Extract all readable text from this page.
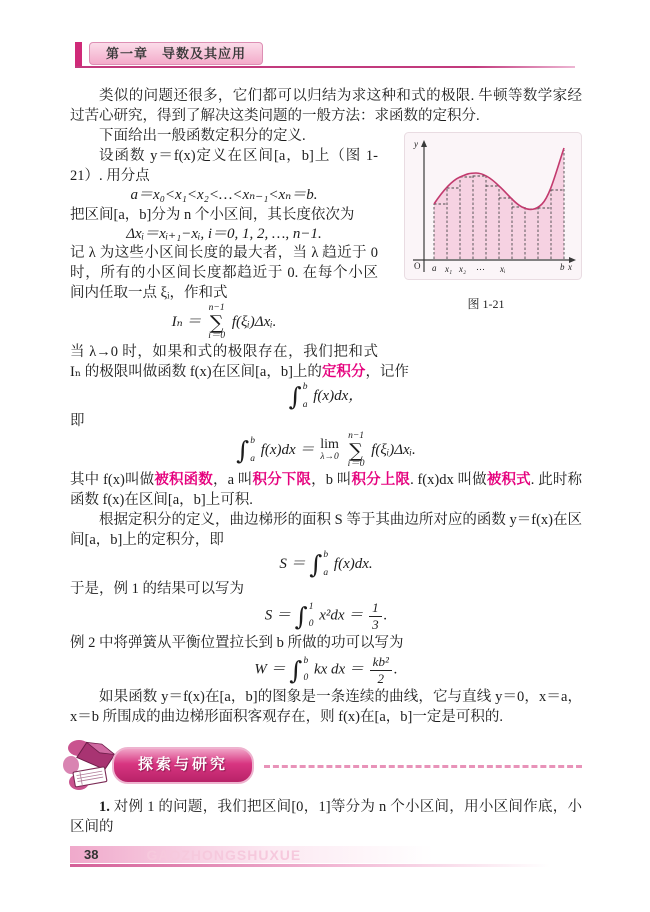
第一章　导数及其应用

类似的问题还很多，它们都可以归结为求这种和式的极限. 牛顿等数学家经过苦心研究，得到了解决这类问题的一般方法：求函数的定积分.

y
O	x
a x₁ x₂ … xᵢ	b
图 1-21

下面给出一般函数定积分的定义.

设函数 y＝f(x)定义在区间[a，b]上（图 1-21）. 用分点

a＝x₀<x₁<x₂<…<xₙ₋₁<xₙ＝b.

把区间[a，b]分为 n 个小区间，其长度依次为

Δxᵢ＝xᵢ₊₁−xᵢ, i＝0, 1, 2, …, n−1.

记 λ 为这些小区间长度的最大者，当 λ 趋近于 0 时，所有的小区间长度都趋近于 0. 在每个小区间内任取一点 ξᵢ，作和式

Iₙ ＝
n−1
∑
i＝0
f(ξᵢ)Δxᵢ.

当 λ→0 时，如果和式的极限存在，我们把和式 Iₙ 的极限叫做函数 f(x)在区间[a，b]上的定积分，记作

∫ b
a
f(x)dx，

即

∫ b
a
f(x)dx ＝ lim
λ→0

n−1
∑
i＝0
f(ξᵢ)Δxᵢ.

其中 f(x)叫做被积函数，a 叫积分下限，b 叫积分上限. f(x)dx 叫做被积式. 此时称函数 f(x)在区间[a，b]上可积.

根据定积分的定义，曲边梯形的面积 S 等于其曲边所对应的函数 y＝f(x)在区间[a，b]上的定积分，即

S ＝ ∫ b
a
f(x)dx.

于是，例 1 的结果可以写为

S ＝ ∫ 1
0
$x^2dx = \frac{1}{3}$ .

例 2 中将弹簧从平衡位置拉长到 b 所做的功可以写为

W ＝ ∫ b
0
kx dx ＝ $\frac{\text{kb²}}{2}$ .

如果函数 y＝f(x)在[a，b]的图象是一条连续的曲线，它与直线 y＝0，x＝a，x＝b 所围成的曲边梯形面积客观存在，则 f(x)在[a，b]一定是可积的.

探索与研究

1. 对例 1 的问题，我们把区间[0，1]等分为 n 个小区间，用小区间作底，小区间的

38	GAOZHONGSHUXUE
